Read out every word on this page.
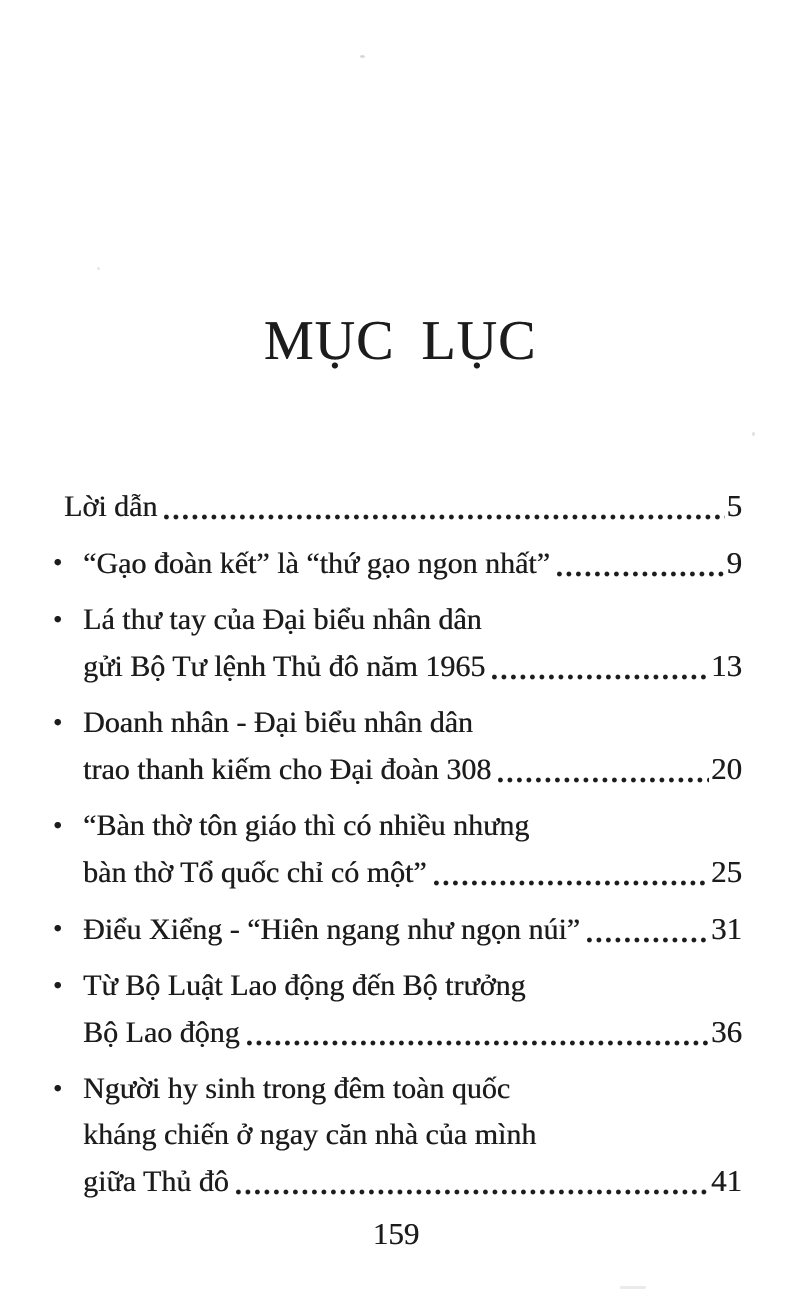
MỤC LỤC
Lời dẫn	5
• “Gạo đoàn kết” là “thứ gạo ngon nhất”	9
• Lá thư tay của Đại biểu nhân dân
gửi Bộ Tư lệnh Thủ đô năm 1965	13
• Doanh nhân - Đại biểu nhân dân
trao thanh kiếm cho Đại đoàn 308	20
• “Bàn thờ tôn giáo thì có nhiều nhưng
bàn thờ Tổ quốc chỉ có một”	25
• Điểu Xiểng - “Hiên ngang như ngọn núi”	31
• Từ Bộ Luật Lao động đến Bộ trưởng
Bộ Lao động	36
• Người hy sinh trong đêm toàn quốc
kháng chiến ở ngay căn nhà của mình
giữa Thủ đô	41
159
